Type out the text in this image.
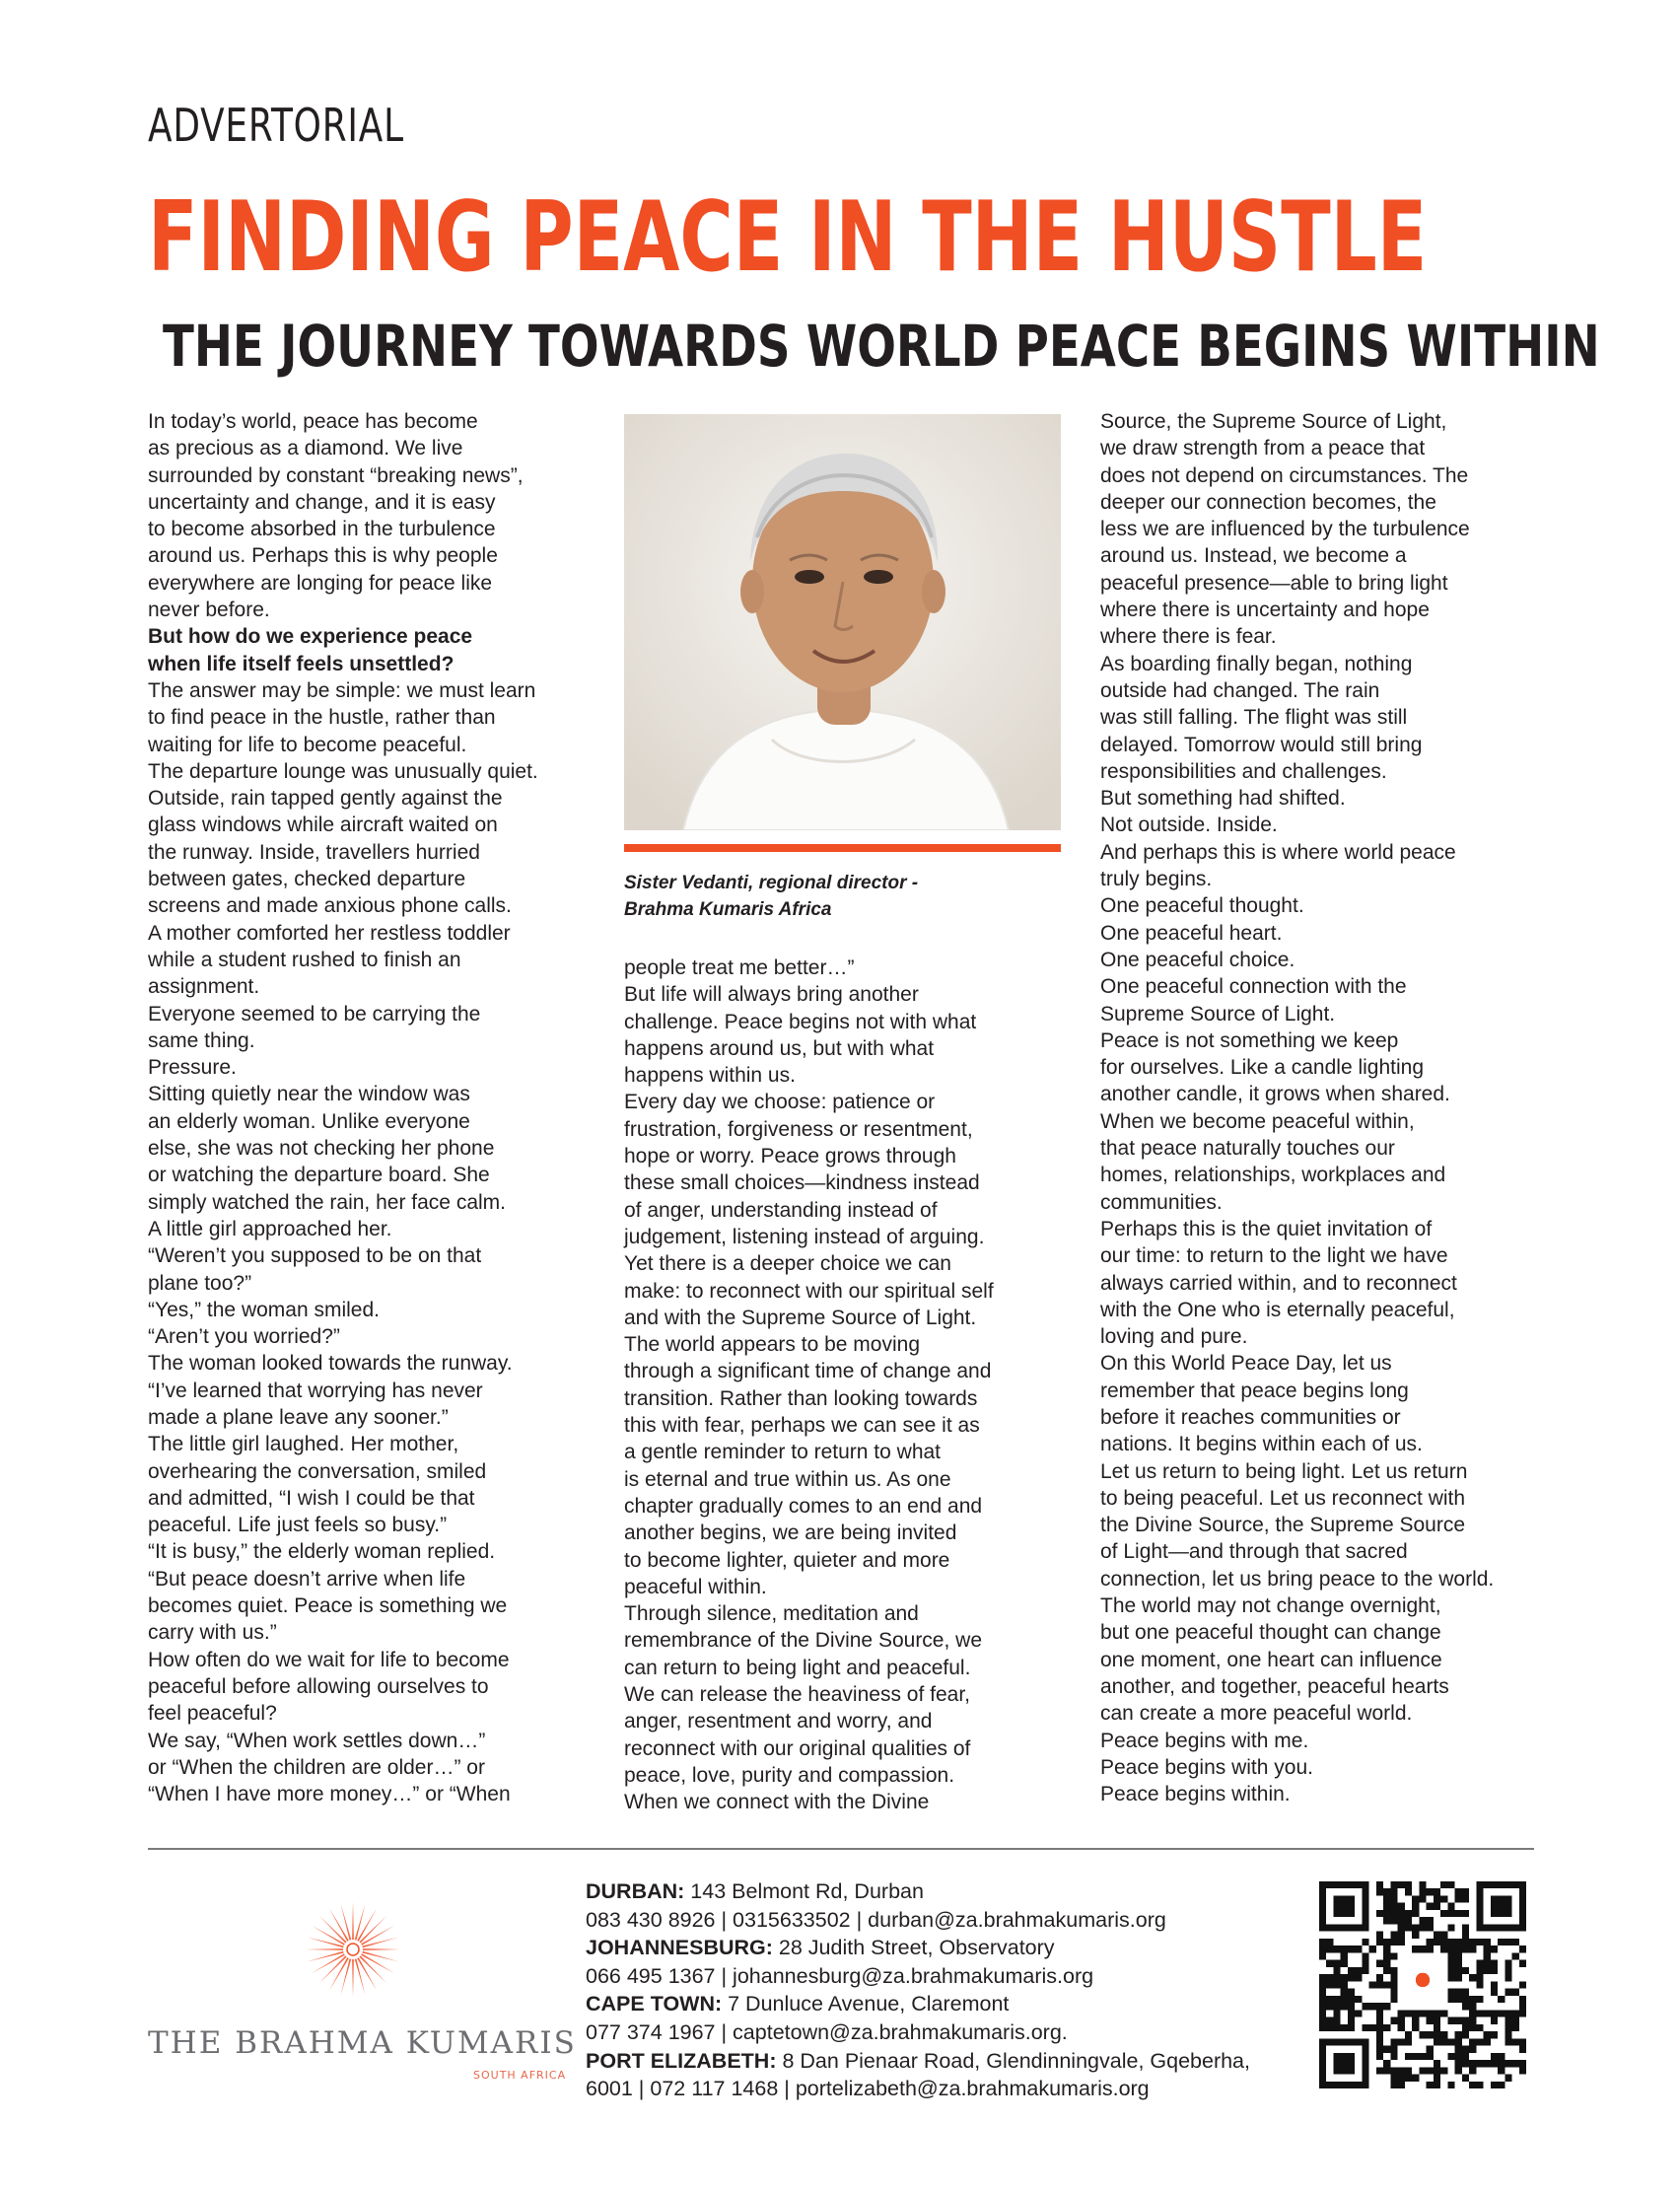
ADVERTORIAL
FINDING PEACE IN THE HUSTLE
THE JOURNEY TOWARDS WORLD PEACE BEGINS WITHIN

In today’s world, peace has become

as precious as a diamond. We live

surrounded by constant “breaking news”,

uncertainty and change, and it is easy

to become absorbed in the turbulence

around us. Perhaps this is why people

everywhere are longing for peace like

never before.

But how do we experience peace

when life itself feels unsettled?

The answer may be simple: we must learn

to find peace in the hustle, rather than

waiting for life to become peaceful.

The departure lounge was unusually quiet.

Outside, rain tapped gently against the

glass windows while aircraft waited on

the runway. Inside, travellers hurried

between gates, checked departure

screens and made anxious phone calls.

A mother comforted her restless toddler

while a student rushed to finish an

assignment.

Everyone seemed to be carrying the

same thing.

Pressure.

Sitting quietly near the window was

an elderly woman. Unlike everyone

else, she was not checking her phone

or watching the departure board. She

simply watched the rain, her face calm.

A little girl approached her.

“Weren’t you supposed to be on that

plane too?”

“Yes,” the woman smiled.

“Aren’t you worried?”

The woman looked towards the runway.

“I’ve learned that worrying has never

made a plane leave any sooner.”

The little girl laughed. Her mother,

overhearing the conversation, smiled

and admitted, “I wish I could be that

peaceful. Life just feels so busy.”

“It is busy,” the elderly woman replied.

“But peace doesn’t arrive when life

becomes quiet. Peace is something we

carry with us.”

How often do we wait for life to become

peaceful before allowing ourselves to

feel peaceful?

We say, “When work settles down…”

or “When the children are older…” or

“When I have more money…” or “When

Sister Vedanti, regional director -
Brahma Kumaris Africa

people treat me better…”

But life will always bring another

challenge. Peace begins not with what

happens around us, but with what

happens within us.

Every day we choose: patience or

frustration, forgiveness or resentment,

hope or worry. Peace grows through

these small choices—kindness instead

of anger, understanding instead of

judgement, listening instead of arguing.

Yet there is a deeper choice we can

make: to reconnect with our spiritual self

and with the Supreme Source of Light.

The world appears to be moving

through a significant time of change and

transition. Rather than looking towards

this with fear, perhaps we can see it as

a gentle reminder to return to what

is eternal and true within us. As one

chapter gradually comes to an end and

another begins, we are being invited

to become lighter, quieter and more

peaceful within.

Through silence, meditation and

remembrance of the Divine Source, we

can return to being light and peaceful.

We can release the heaviness of fear,

anger, resentment and worry, and

reconnect with our original qualities of

peace, love, purity and compassion.

When we connect with the Divine

Source, the Supreme Source of Light,

we draw strength from a peace that

does not depend on circumstances. The

deeper our connection becomes, the

less we are influenced by the turbulence

around us. Instead, we become a

peaceful presence—able to bring light

where there is uncertainty and hope

where there is fear.

As boarding finally began, nothing

outside had changed. The rain

was still falling. The flight was still

delayed. Tomorrow would still bring

responsibilities and challenges.

But something had shifted.

Not outside. Inside.

And perhaps this is where world peace

truly begins.

One peaceful thought.

One peaceful heart.

One peaceful choice.

One peaceful connection with the

Supreme Source of Light.

Peace is not something we keep

for ourselves. Like a candle lighting

another candle, it grows when shared.

When we become peaceful within,

that peace naturally touches our

homes, relationships, workplaces and

communities.

Perhaps this is the quiet invitation of

our time: to return to the light we have

always carried within, and to reconnect

with the One who is eternally peaceful,

loving and pure.

On this World Peace Day, let us

remember that peace begins long

before it reaches communities or

nations. It begins within each of us.

Let us return to being light. Let us return

to being peaceful. Let us reconnect with

the Divine Source, the Supreme Source

of Light—and through that sacred

connection, let us bring peace to the world.

The world may not change overnight,

but one peaceful thought can change

one moment, one heart can influence

another, and together, peaceful hearts

can create a more peaceful world.

Peace begins with me.

Peace begins with you.

Peace begins within.

THE BRAHMA KUMARIS
SOUTH AFRICA
DURBAN: 143 Belmont Rd, Durban
083 430 8926 | 0315633502 | durban@za.brahmakumaris.org
JOHANNESBURG: 28 Judith Street, Observatory
066 495 1367 | johannesburg@za.brahmakumaris.org
CAPE TOWN: 7 Dunluce Avenue, Claremont
077 374 1967 | captetown@za.brahmakumaris.org.
PORT ELIZABETH: 8 Dan Pienaar Road, Glendinningvale, Gqeberha,
6001 | 072 117 1468 | portelizabeth@za.brahmakumaris.org
